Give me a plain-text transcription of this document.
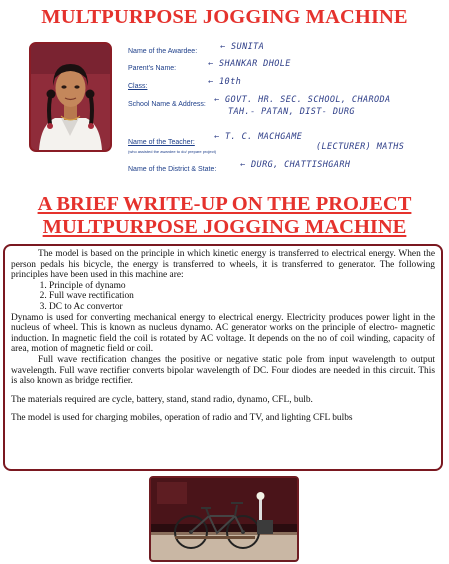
MULTPURPOSE JOGGING MACHINE
Name of the Awardee:	← SUNITA
Parent’s Name:	← SHANKAR DHOLE
Class:	← 10th
School Name & Address: ← GOVT. HR. SEC. SCHOOL, CHARODA
TAH.- PATAN, DIST- DURG
Name of the Teacher:
(who assisted the awardee to do/ prepare project)
← T. C. MACHGAME
(LECTURER) MATHS
Name of the District & State:	← DURG, CHATTISHGARH
A BRIEF WRITE-UP ON THE PROJECT
MULTPURPOSE JOGGING MACHINE

The model is based on the principle in which kinetic energy is transferred to electrical energy. When the person pedals his bicycle, the energy is transferred to wheels, it is transferred to generator. The following principles have been used in this machine are:

1. Principle of dynamo
2. Full wave rectification
3. DC to Ac convertor

Dynamo is used for converting mechanical energy to electrical energy. Electricity produces power light in the nucleus of wheel. This is known as nucleus dynamo. AC generator works on the principle of electro- magnetic induction. In magnetic field the coil is rotated by AC voltage. It depends on the no of coil winding, capacity of area, motion of magnetic field or coil.

Full wave rectification changes the positive or negative static pole from input wavelength to output wavelength. Full wave rectifier converts bipolar wavelength of DC. Four diodes are needed in this circuit. This is also known as bridge rectifier.

The materials required are cycle, battery, stand, stand radio, dynamo, CFL, bulb.

The model is used for charging mobiles, operation of radio and TV, and lighting CFL bulbs
